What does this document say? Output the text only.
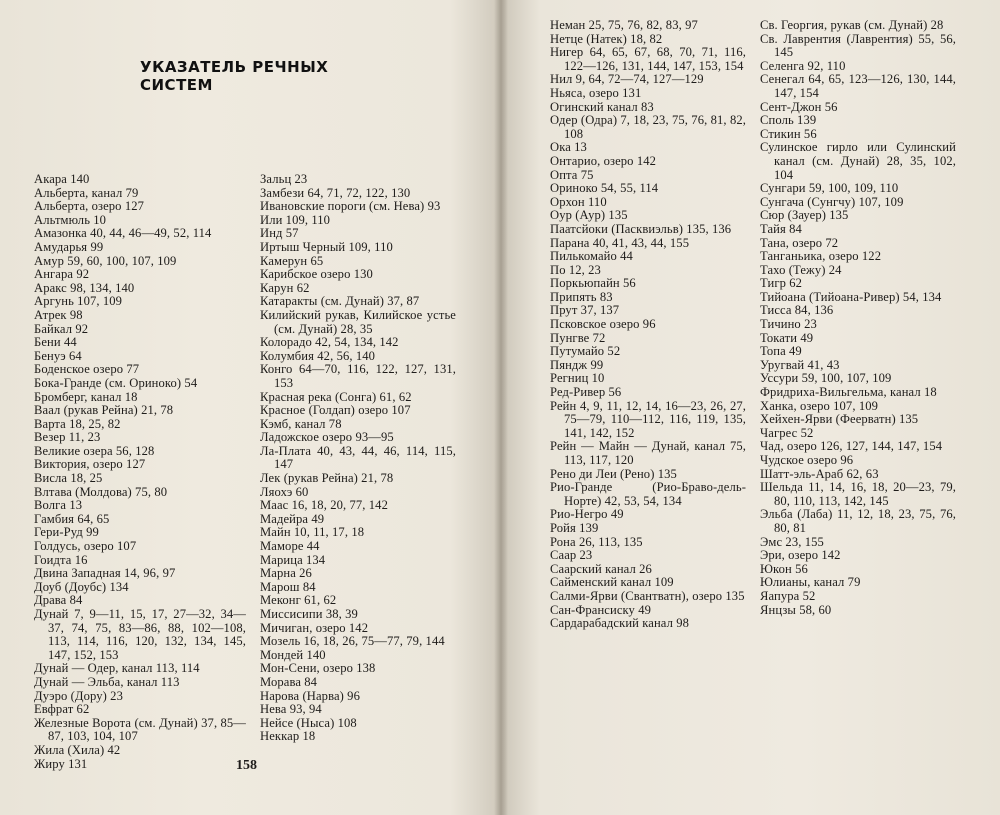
УКАЗАТЕЛЬ РЕЧНЫХ СИСТЕМ
Акара 140
Альберта, канал 79
Альберта, озеро 127
Альтмюль 10
Амазонка 40, 44, 46—49, 52, 114
Амударья 99
Амур 59, 60, 100, 107, 109
Ангара 92
Аракс 98, 134, 140
Аргунь 107, 109
Атрек 98
Байкал 92
Бени 44
Бенуэ 64
Боденское озеро 77
Бока-Гранде (см. Ориноко) 54
Бромберг, канал 18
Ваал (рукав Рейна) 21, 78
Варта 18, 25, 82
Везер 11, 23
Великие озера 56, 128
Виктория, озеро 127
Висла 18, 25
Влтава (Молдова) 75, 80
Волга 13
Гамбия 64, 65
Гери-Руд 99
Голдусь, озеро 107
Гоидта 16
Двина Западная 14, 96, 97
Доуб (Доубс) 134
Драва 84
Дунай 7, 9—11, 15, 17, 27—32, 34—37, 74, 75, 83—86, 88, 102—108, 113, 114, 116, 120, 132, 134, 145, 147, 152, 153
Дунай — Одер, канал 113, 114
Дунай — Эльба, канал 113
Дуэро (Дору) 23
Евфрат 62
Железные Ворота (см. Дунай) 37, 85—87, 103, 104, 107
Жила (Хила) 42
Жиру 131
Зальц 23
Замбези 64, 71, 72, 122, 130
Ивановские пороги (см. Нева) 93
Или 109, 110
Инд 57
Иртыш Черный 109, 110
Камерун 65
Карибское озеро 130
Карун 62
Катаракты (см. Дунай) 37, 87
Килийский рукав, Килийское устье (см. Дунай) 28, 35
Колорадо 42, 54, 134, 142
Колумбия 42, 56, 140
Конго 64—70, 116, 122, 127, 131, 153
Красная река (Сонга) 61, 62
Красное (Голдап) озеро 107
Кэмб, канал 78
Ладожское озеро 93—95
Ла-Плата 40, 43, 44, 46, 114, 115, 147
Лек (рукав Рейна) 21, 78
Ляохэ 60
Маас 16, 18, 20, 77, 142
Мадейра 49
Майн 10, 11, 17, 18
Маморе 44
Марица 134
Марна 26
Марош 84
Меконг 61, 62
Миссисипи 38, 39
Мичиган, озеро 142
Мозель 16, 18, 26, 75—77, 79, 144
Мондей 140
Мон-Сени, озеро 138
Морава 84
Нарова (Нарва) 96
Нева 93, 94
Нейсе (Ныса) 108
Неккар 18
Неман 25, 75, 76, 82, 83, 97
Нетце (Натек) 18, 82
Нигер 64, 65, 67, 68, 70, 71, 116, 122—126, 131, 144, 147, 153, 154
Нил 9, 64, 72—74, 127—129
Ньяса, озеро 131
Огинский канал 83
Одер (Одра) 7, 18, 23, 75, 76, 81, 82, 108
Ока 13
Онтарио, озеро 142
Опта 75
Ориноко 54, 55, 114
Орхон 110
Оур (Аур) 135
Паатсйоки (Пасквиэльв) 135, 136
Парана 40, 41, 43, 44, 155
Пилькомайо 44
По 12, 23
Поркьюпайн 56
Припять 83
Прут 37, 137
Псковское озеро 96
Пунгве 72
Путумайо 52
Пяндж 99
Регниц 10
Ред-Ривер 56
Рейн 4, 9, 11, 12, 14, 16—23, 26, 27, 75—79, 110—112, 116, 119, 135, 141, 142, 152
Рейн — Майн — Дунай, канал 75, 113, 117, 120
Рено ди Леи (Рено) 135
Рио-Гранде (Рио-Браво-дель-Норте) 42, 53, 54, 134
Рио-Негро 49
Ройя 139
Рона 26, 113, 135
Саар 23
Саарский канал 26
Сайменский канал 109
Салми-Ярви (Свантватн), озеро 135
Сан-Франсиску 49
Сардарабадский канал 98
Св. Георгия, рукав (см. Дунай) 28
Св. Лаврентия (Лаврентия) 55, 56, 145
Селенга 92, 110
Сенегал 64, 65, 123—126, 130, 144, 147, 154
Сент-Джон 56
Споль 139
Стикин 56
Сулинское гирло или Сулинский канал (см. Дунай) 28, 35, 102, 104
Сунгари 59, 100, 109, 110
Сунгача (Сунгчу) 107, 109
Сюр (Зауер) 135
Тайя 84
Тана, озеро 72
Танганьика, озеро 122
Тахо (Тежу) 24
Тигр 62
Тийоана (Тийоана-Ривер) 54, 134
Тисса 84, 136
Тичино 23
Токати 49
Топа 49
Уругвай 41, 43
Уссури 59, 100, 107, 109
Фридриха-Вильгельма, канал 18
Ханка, озеро 107, 109
Хейхен-Ярви (Феерватн) 135
Чагрес 52
Чад, озеро 126, 127, 144, 147, 154
Чудское озеро 96
Шатт-эль-Араб 62, 63
Шельда 11, 14, 16, 18, 20—23, 79, 80, 110, 113, 142, 145
Эльба (Лаба) 11, 12, 18, 23, 75, 76, 80, 81
Эмс 23, 155
Эри, озеро 142
Юкон 56
Юлианы, канал 79
Яапура 52
Янцзы 58, 60
158
